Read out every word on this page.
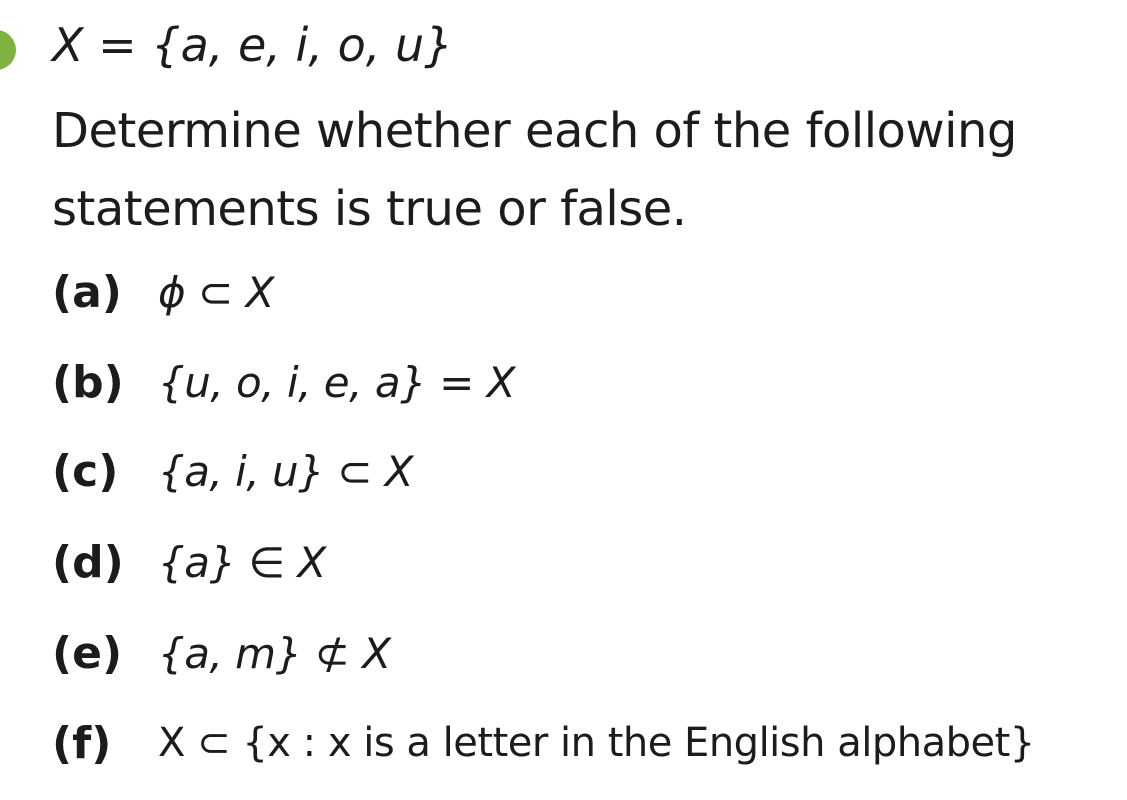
X = {a, e, i, o, u}
Determine whether each of the following statements is true or false.
(a) ϕ ⊂ X
(b) {u, o, i, e, a} = X
(c) {a, i, u} ⊂ X
(d) {a} ∈ X
(e) {a, m} ⊄ X
(f)	X ⊂ {x : x is a letter in the English alphabet}
